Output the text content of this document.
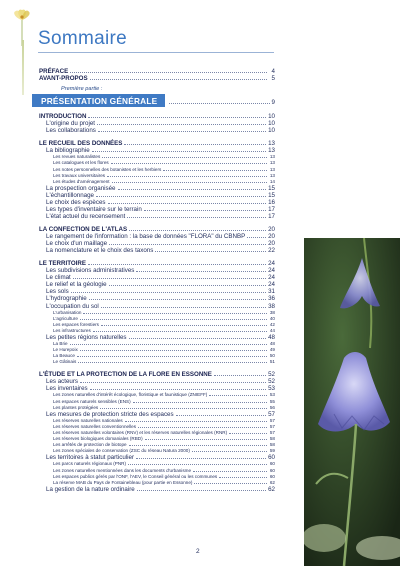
Sommaire
PRÉFACE	4
AVANT-PROPOS	5
Première partie :
PRÉSENTATION GÉNÉRALE	9
INTRODUCTION	10
L'origine du projet	10
Les collaborations	10
LE RECUEIL DES DONNÉES	13
La bibliographie	13
Les revues naturalistes	13
Les catalogues et les flores	13
Les notes personnelles des botanistes et les herbiers	13
Les travaux universitaires	13
Les études d'aménagement	14
La prospection organisée	15
L'échantillonnage	15
Le choix des espèces	16
Les types d'inventaire sur le terrain	17
L'état actuel du recensement	17
LA CONFECTION DE L'ATLAS	20
Le rangement de l'information : la base de données "FLORA" du CBNBP	20
Le choix d'un maillage	20
La nomenclature et le choix des taxons	22
LE TERRITOIRE	24
Les subdivisions administratives	24
Le climat	24
Le relief et la géologie	24
Les sols	31
L'hydrographie	36
L'occupation du sol	38
L'urbanisation	38
L'agriculture	40
Les espaces forestiers	42
Les infrastructures	44
Les petites régions naturelles	48
La Brie	48
Le Hurepoix	49
La Beauce	50
Le Gâtinais	51
L'ÉTUDE ET LA PROTECTION DE LA FLORE EN ESSONNE	52
Les acteurs	52
Les inventaires	53
Les zones naturelles d'intérêt écologique, floristique et faunistique (ZNIEFF)	53
Les espaces naturels sensibles (ENS)	55
Les plantes protégées	56
Les mesures de protection stricte des espaces	57
Les réserves naturelles nationales	57
Les réserves naturelles conventionnelles	57
Les réserves naturelles volontaires (RNV) et les réserves naturelles régionales (RNR)	57
Les réserves biologiques domaniales (RBD)	58
Les arrêtés de protection de biotope	58
Les zones spéciales de conservation (ZSC du réseau Natura 2000)	59
Les territoires à statut particulier	60
Les parcs naturels régionaux (PNR)	60
Les zones naturelles mentionnées dans les documents d'urbanisme	60
Les espaces publics gérés par l'ONF, l'AEV, le Conseil général ou les communes	60
La réserve MAB du Pays de Fontainebleau (pour partie en Essonne)	62
La gestion de la nature ordinaire	62
2
